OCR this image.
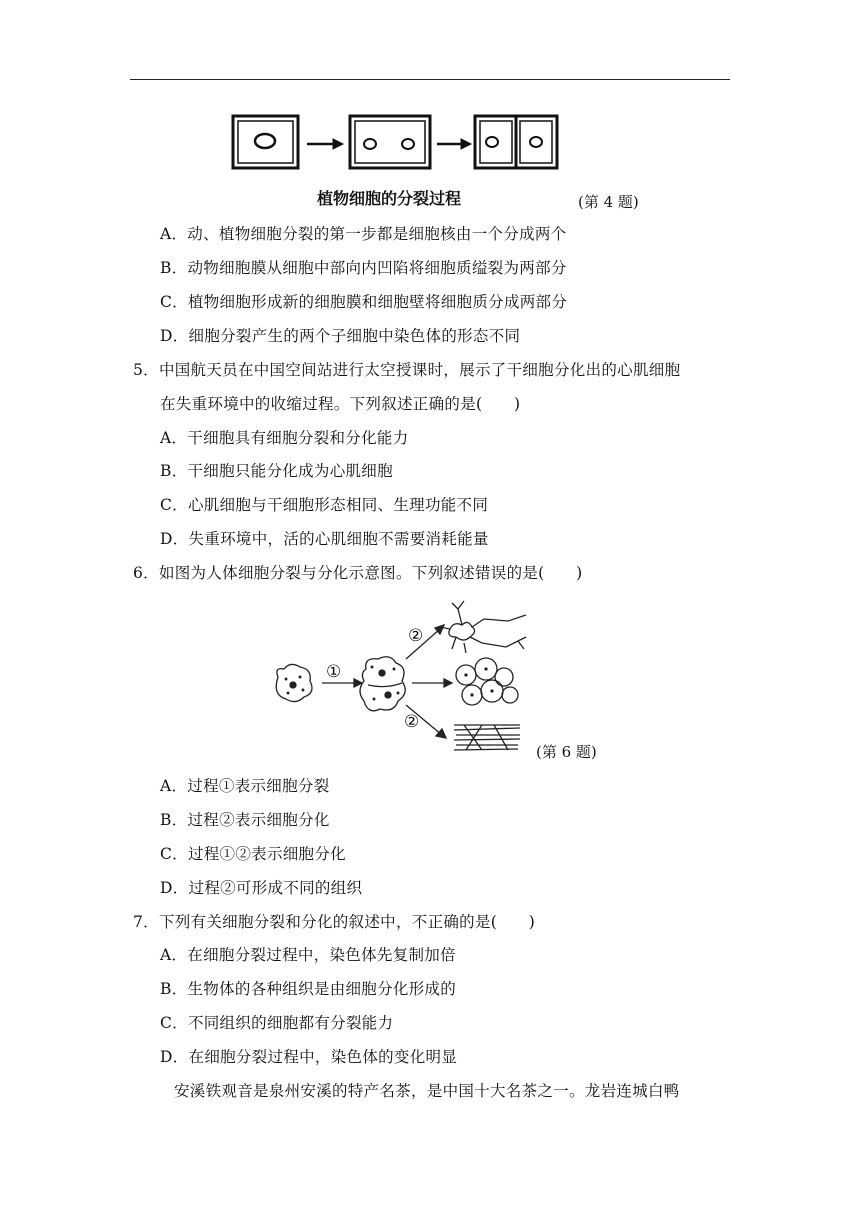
植物细胞的分裂过程	(第 4 题)
A．动、植物细胞分裂的第一步都是细胞核由一个分成两个
B．动物细胞膜从细胞中部向内凹陷将细胞质缢裂为两部分
C．植物细胞形成新的细胞膜和细胞壁将细胞质分成两部分
D．细胞分裂产生的两个子细胞中染色体的形态不同
5．中国航天员在中国空间站进行太空授课时，展示了干细胞分化出的心肌细胞
在失重环境中的收缩过程。下列叙述正确的是(　　)
A．干细胞具有细胞分裂和分化能力
B．干细胞只能分化成为心肌细胞
C．心肌细胞与干细胞形态相同、生理功能不同
D．失重环境中，活的心肌细胞不需要消耗能量
6．如图为人体细胞分裂与分化示意图。下列叙述错误的是(　　)
①
②
②
(第 6 题)
A．过程①表示细胞分裂
B．过程②表示细胞分化
C．过程①②表示细胞分化
D．过程②可形成不同的组织
7．下列有关细胞分裂和分化的叙述中，不正确的是(　　)
A．在细胞分裂过程中，染色体先复制加倍
B．生物体的各种组织是由细胞分化形成的
C．不同组织的细胞都有分裂能力
D．在细胞分裂过程中，染色体的变化明显
安溪铁观音是泉州安溪的特产名茶，是中国十大名茶之一。龙岩连城白鸭
